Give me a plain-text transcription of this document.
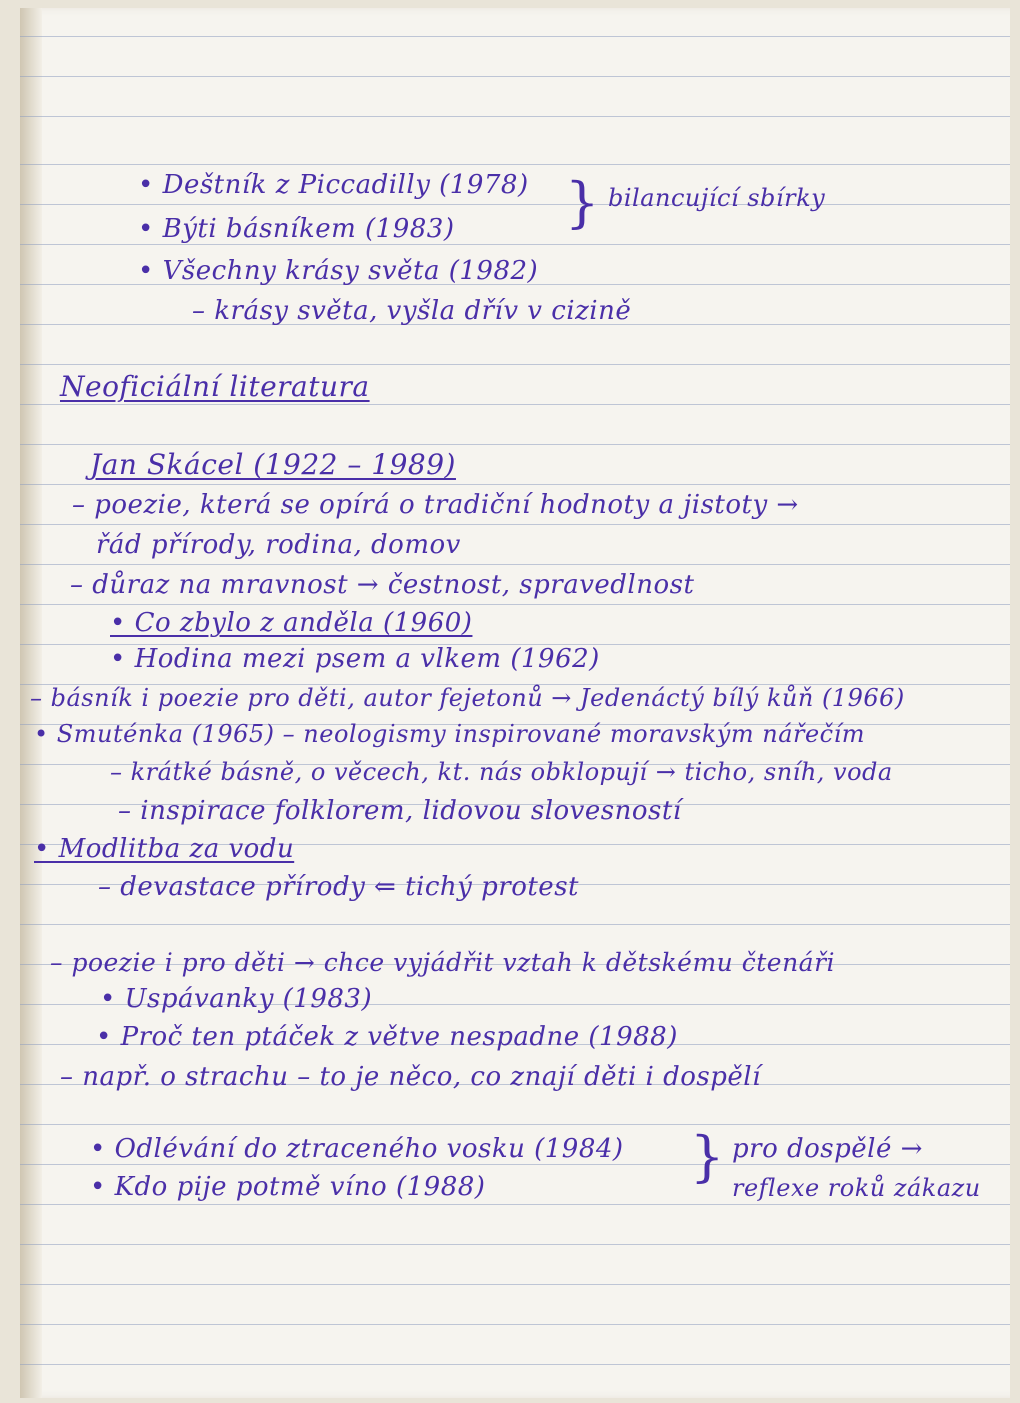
• Deštník z Piccadilly (1978) } bilancující sbírky
• Býti básníkem (1983)
• Všechny krásy světa (1982)
– krásy světa, vyšla dřív v cizině
Neoficiální literatura
Jan Skácel (1922 – 1989)
– poezie, která se opírá o tradiční hodnoty a jistoty →
řád přírody, rodina, domov
– důraz na mravnost → čestnost, spravedlnost
• Co zbylo z anděla (1960)
• Hodina mezi psem a vlkem (1962)
– básník i poezie pro děti, autor fejetonů → Jedenáctý bílý kůň (1966)
• Smuténka (1965) – neologismy inspirované moravským nářečím
– krátké básně, o věcech, kt. nás obklopují → ticho, sníh, voda
– inspirace folklorem, lidovou slovesností
• Modlitba za vodu
– devastace přírody ⇐ tichý protest
– poezie i pro děti → chce vyjádřit vztah k dětskému čtenáři
• Uspávanky (1983)
• Proč ten ptáček z větve nespadne (1988)
– např. o strachu – to je něco, co znají děti i dospělí
• Odlévání do ztraceného vosku (1984) } pro dospělé →
• Kdo pije potmě víno (1988)	reflexe roků zákazu
